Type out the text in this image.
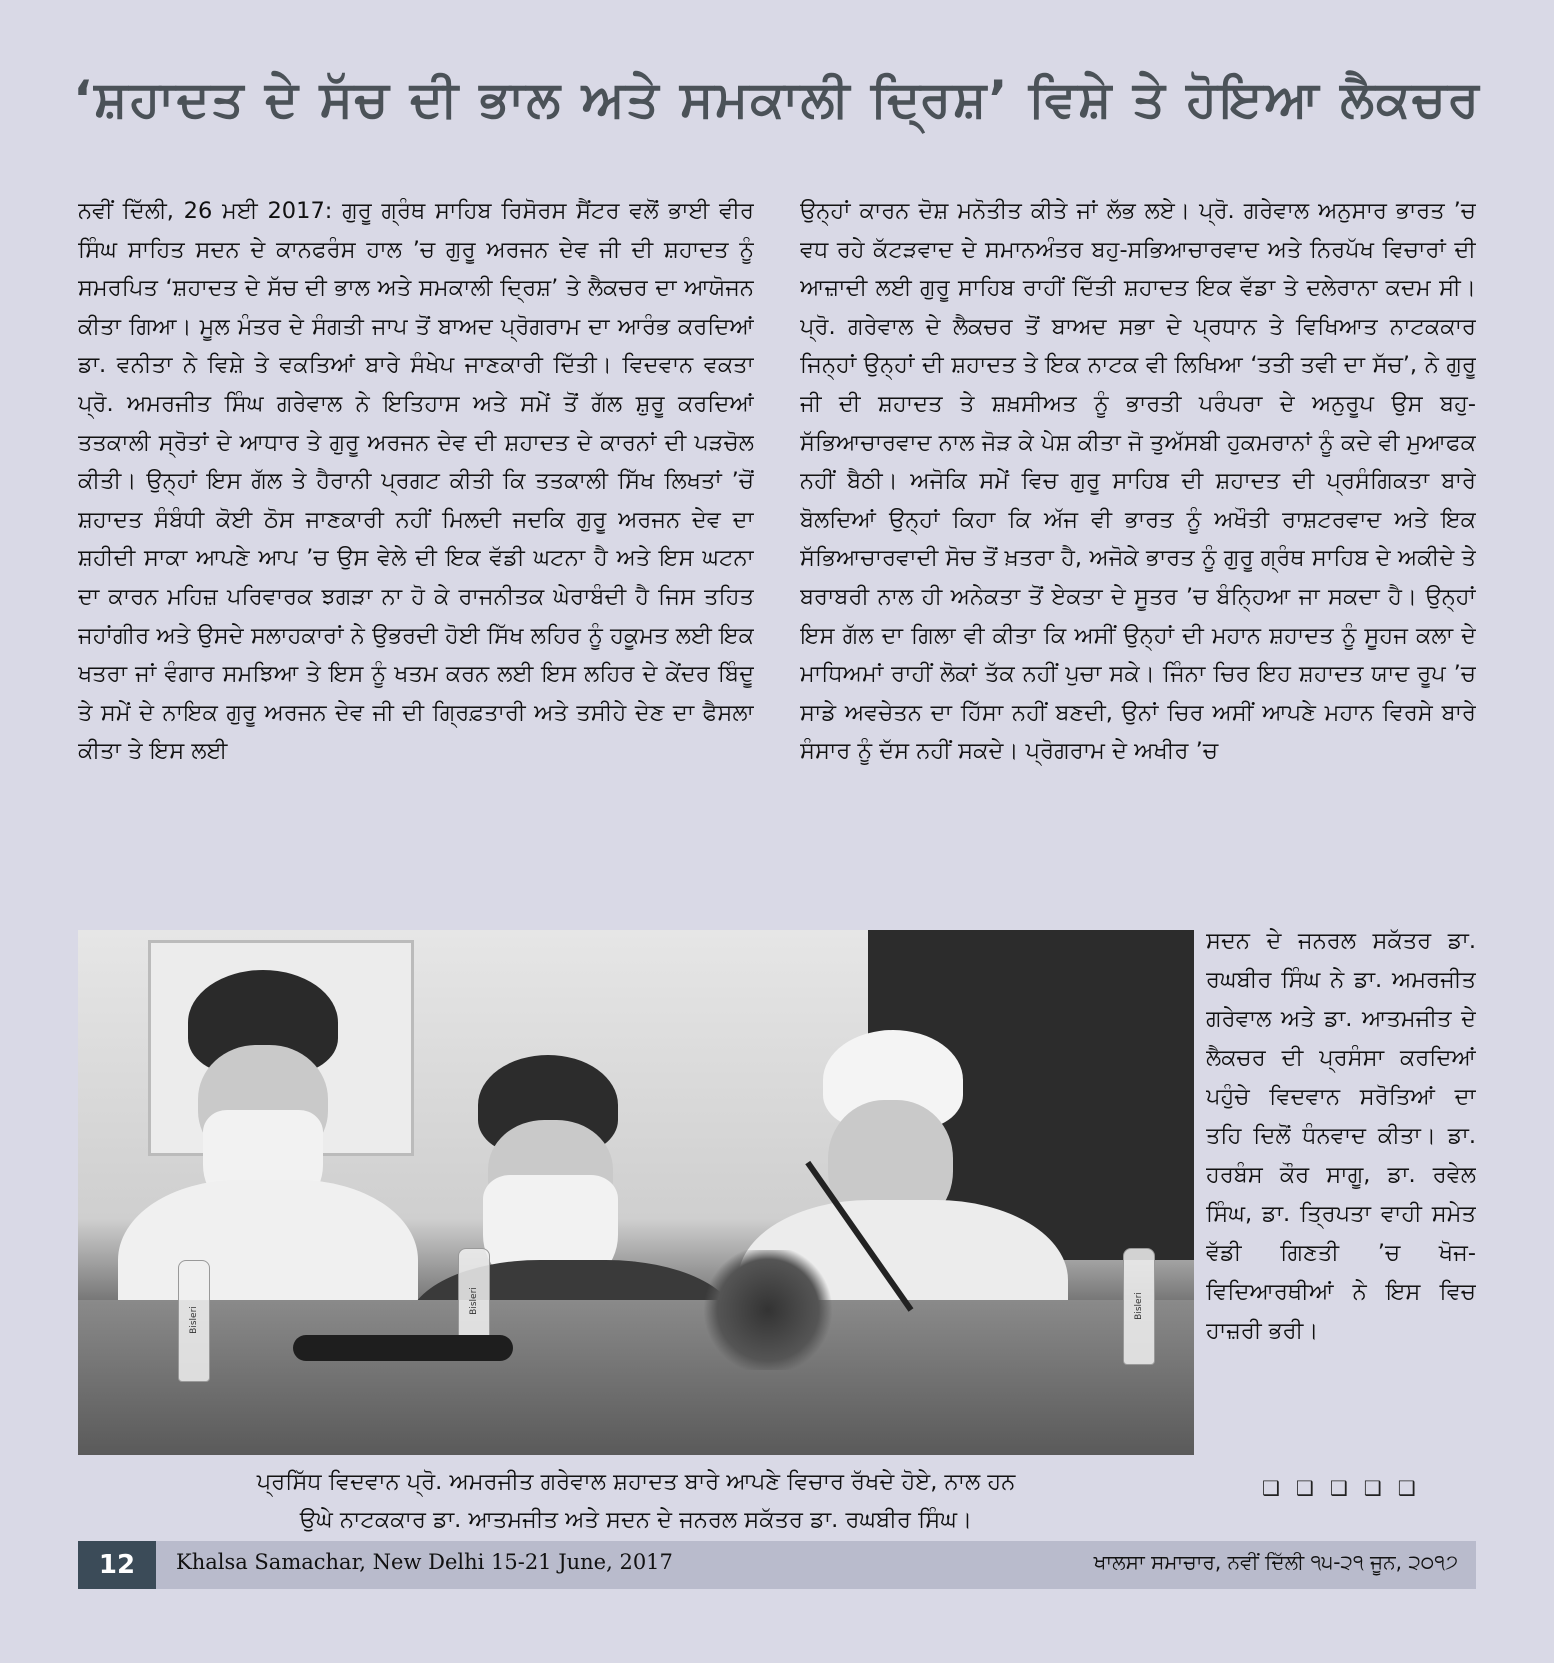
‘ਸ਼ਹਾਦਤ ਦੇ ਸੱਚ ਦੀ ਭਾਲ ਅਤੇ ਸਮਕਾਲੀ ਦ੍ਰਿਸ਼’ ਵਿਸ਼ੇ ਤੇ ਹੋਇਆ ਲੈਕਚਰ
ਨਵੀਂ ਦਿੱਲੀ, 26 ਮਈ 2017: ਗੁਰੂ ਗ੍ਰੰਥ ਸਾਹਿਬ ਰਿਸੋਰਸ ਸੈਂਟਰ ਵਲੋਂ ਭਾਈ ਵੀਰ ਸਿੰਘ ਸਾਹਿਤ ਸਦਨ ਦੇ ਕਾਨਫਰੰਸ ਹਾਲ ’ਚ ਗੁਰੂ ਅਰਜਨ ਦੇਵ ਜੀ ਦੀ ਸ਼ਹਾਦਤ ਨੂੰ ਸਮਰਪਿਤ ‘ਸ਼ਹਾਦਤ ਦੇ ਸੱਚ ਦੀ ਭਾਲ ਅਤੇ ਸਮਕਾਲੀ ਦ੍ਰਿਸ਼’ ਤੇ ਲੈਕਚਰ ਦਾ ਆਯੋਜਨ ਕੀਤਾ ਗਿਆ। ਮੂਲ ਮੰਤਰ ਦੇ ਸੰਗਤੀ ਜਾਪ ਤੋਂ ਬਾਅਦ ਪ੍ਰੋਗਰਾਮ ਦਾ ਆਰੰਭ ਕਰਦਿਆਂ ਡਾ. ਵਨੀਤਾ ਨੇ ਵਿਸ਼ੇ ਤੇ ਵਕਤਿਆਂ ਬਾਰੇ ਸੰਖੇਪ ਜਾਣਕਾਰੀ ਦਿੱਤੀ। ਵਿਦਵਾਨ ਵਕਤਾ ਪ੍ਰੋ. ਅਮਰਜੀਤ ਸਿੰਘ ਗਰੇਵਾਲ ਨੇ ਇਤਿਹਾਸ ਅਤੇ ਸਮੇਂ ਤੋਂ ਗੱਲ ਸ਼ੁਰੂ ਕਰਦਿਆਂ ਤਤਕਾਲੀ ਸ੍ਰੋਤਾਂ ਦੇ ਆਧਾਰ ਤੇ ਗੁਰੂ ਅਰਜਨ ਦੇਵ ਦੀ ਸ਼ਹਾਦਤ ਦੇ ਕਾਰਨਾਂ ਦੀ ਪੜਚੋਲ ਕੀਤੀ। ਉਨ੍ਹਾਂ ਇਸ ਗੱਲ ਤੇ ਹੈਰਾਨੀ ਪ੍ਰਗਟ ਕੀਤੀ ਕਿ ਤਤਕਾਲੀ ਸਿੱਖ ਲਿਖਤਾਂ ’ਚੋਂ ਸ਼ਹਾਦਤ ਸੰਬੰਧੀ ਕੋਈ ਠੋਸ ਜਾਣਕਾਰੀ ਨਹੀਂ ਮਿਲਦੀ ਜਦਕਿ ਗੁਰੂ ਅਰਜਨ ਦੇਵ ਦਾ ਸ਼ਹੀਦੀ ਸਾਕਾ ਆਪਣੇ ਆਪ ’ਚ ਉਸ ਵੇਲੇ ਦੀ ਇਕ ਵੱਡੀ ਘਟਨਾ ਹੈ ਅਤੇ ਇਸ ਘਟਨਾ ਦਾ ਕਾਰਨ ਮਹਿਜ਼ ਪਰਿਵਾਰਕ ਝਗੜਾ ਨਾ ਹੋ ਕੇ ਰਾਜਨੀਤਕ ਘੇਰਾਬੰਦੀ ਹੈ ਜਿਸ ਤਹਿਤ ਜਹਾਂਗੀਰ ਅਤੇ ਉਸਦੇ ਸਲਾਹਕਾਰਾਂ ਨੇ ਉਭਰਦੀ ਹੋਈ ਸਿੱਖ ਲਹਿਰ ਨੂੰ ਹਕੂਮਤ ਲਈ ਇਕ ਖਤਰਾ ਜਾਂ ਵੰਗਾਰ ਸਮਝਿਆ ਤੇ ਇਸ ਨੂੰ ਖਤਮ ਕਰਨ ਲਈ ਇਸ ਲਹਿਰ ਦੇ ਕੇਂਦਰ ਬਿੰਦੂ ਤੇ ਸਮੇਂ ਦੇ ਨਾਇਕ ਗੁਰੂ ਅਰਜਨ ਦੇਵ ਜੀ ਦੀ ਗ੍ਰਿਫ਼ਤਾਰੀ ਅਤੇ ਤਸੀਹੇ ਦੇਣ ਦਾ ਫੈਸਲਾ ਕੀਤਾ ਤੇ ਇਸ ਲਈ
ਉਨ੍ਹਾਂ ਕਾਰਨ ਦੋਸ਼ ਮਨੋਤੀਤ ਕੀਤੇ ਜਾਂ ਲੱਭ ਲਏ। ਪ੍ਰੋ. ਗਰੇਵਾਲ ਅਨੁਸਾਰ ਭਾਰਤ ’ਚ ਵਧ ਰਹੇ ਕੱਟੜਵਾਦ ਦੇ ਸਮਾਨਅੰਤਰ ਬਹੁ-ਸਭਿਆਚਾਰਵਾਦ ਅਤੇ ਨਿਰਪੱਖ ਵਿਚਾਰਾਂ ਦੀ ਆਜ਼ਾਦੀ ਲਈ ਗੁਰੂ ਸਾਹਿਬ ਰਾਹੀਂ ਦਿੱਤੀ ਸ਼ਹਾਦਤ ਇਕ ਵੱਡਾ ਤੇ ਦਲੇਰਾਨਾ ਕਦਮ ਸੀ। ਪ੍ਰੋ. ਗਰੇਵਾਲ ਦੇ ਲੈਕਚਰ ਤੋਂ ਬਾਅਦ ਸਭਾ ਦੇ ਪ੍ਰਧਾਨ ਤੇ ਵਿਖਿਆਤ ਨਾਟਕਕਾਰ ਜਿਨ੍ਹਾਂ ਉਨ੍ਹਾਂ ਦੀ ਸ਼ਹਾਦਤ ਤੇ ਇਕ ਨਾਟਕ ਵੀ ਲਿਖਿਆ ‘ਤਤੀ ਤਵੀ ਦਾ ਸੱਚ’, ਨੇ ਗੁਰੂ ਜੀ ਦੀ ਸ਼ਹਾਦਤ ਤੇ ਸ਼ਖ਼ਸੀਅਤ ਨੂੰ ਭਾਰਤੀ ਪਰੰਪਰਾ ਦੇ ਅਨੁਰੂਪ ਉਸ ਬਹੁ-ਸੱਭਿਆਚਾਰਵਾਦ ਨਾਲ ਜੋੜ ਕੇ ਪੇਸ਼ ਕੀਤਾ ਜੋ ਤੁਅੱਸਬੀ ਹੁਕਮਰਾਨਾਂ ਨੂੰ ਕਦੇ ਵੀ ਮੁਆਫਕ ਨਹੀਂ ਬੈਠੀ। ਅਜੋਕਿ ਸਮੇਂ ਵਿਚ ਗੁਰੂ ਸਾਹਿਬ ਦੀ ਸ਼ਹਾਦਤ ਦੀ ਪ੍ਰਸੰਗਿਕਤਾ ਬਾਰੇ ਬੋਲਦਿਆਂ ਉਨ੍ਹਾਂ ਕਿਹਾ ਕਿ ਅੱਜ ਵੀ ਭਾਰਤ ਨੂੰ ਅਖੌਤੀ ਰਾਸ਼ਟਰਵਾਦ ਅਤੇ ਇਕ ਸੱਭਿਆਚਾਰਵਾਦੀ ਸੋਚ ਤੋਂ ਖ਼ਤਰਾ ਹੈ, ਅਜੋਕੇ ਭਾਰਤ ਨੂੰ ਗੁਰੂ ਗ੍ਰੰਥ ਸਾਹਿਬ ਦੇ ਅਕੀਦੇ ਤੇ ਬਰਾਬਰੀ ਨਾਲ ਹੀ ਅਨੇਕਤਾ ਤੋਂ ਏਕਤਾ ਦੇ ਸੂਤਰ ’ਚ ਬੰਨ੍ਹਿਆ ਜਾ ਸਕਦਾ ਹੈ। ਉਨ੍ਹਾਂ ਇਸ ਗੱਲ ਦਾ ਗਿਲਾ ਵੀ ਕੀਤਾ ਕਿ ਅਸੀਂ ਉਨ੍ਹਾਂ ਦੀ ਮਹਾਨ ਸ਼ਹਾਦਤ ਨੂੰ ਸੂਹਜ ਕਲਾ ਦੇ ਮਾਧਿਅਮਾਂ ਰਾਹੀਂ ਲੋਕਾਂ ਤੱਕ ਨਹੀਂ ਪੁਚਾ ਸਕੇ। ਜਿੰਨਾ ਚਿਰ ਇਹ ਸ਼ਹਾਦਤ ਯਾਦ ਰੂਪ ’ਚ ਸਾਡੇ ਅਵਚੇਤਨ ਦਾ ਹਿੱਸਾ ਨਹੀਂ ਬਣਦੀ, ਉਨਾਂ ਚਿਰ ਅਸੀਂ ਆਪਣੇ ਮਹਾਨ ਵਿਰਸੇ ਬਾਰੇ ਸੰਸਾਰ ਨੂੰ ਦੱਸ ਨਹੀਂ ਸਕਦੇ। ਪ੍ਰੋਗਰਾਮ ਦੇ ਅਖੀਰ ’ਚ
Bisleri
Bisleri	Bisleri
ਸਦਨ ਦੇ ਜਨਰਲ ਸਕੱਤਰ ਡਾ. ਰਘਬੀਰ ਸਿੰਘ ਨੇ ਡਾ. ਅਮਰਜੀਤ ਗਰੇਵਾਲ ਅਤੇ ਡਾ. ਆਤਮਜੀਤ ਦੇ ਲੈਕਚਰ ਦੀ ਪ੍ਰਸੰਸਾ ਕਰਦਿਆਂ ਪਹੁੰਚੇ ਵਿਦਵਾਨ ਸਰੋਤਿਆਂ ਦਾ ਤਹਿ ਦਿਲੋਂ ਧੰਨਵਾਦ ਕੀਤਾ। ਡਾ. ਹਰਬੰਸ ਕੌਰ ਸਾਗੂ, ਡਾ. ਰਵੇਲ ਸਿੰਘ, ਡਾ. ਤ੍ਰਿਪਤਾ ਵਾਹੀ ਸਮੇਤ ਵੱਡੀ ਗਿਣਤੀ ’ਚ ਖੋਜ-ਵਿਦਿਆਰਥੀਆਂ ਨੇ ਇਸ ਵਿਚ ਹਾਜ਼ਰੀ ਭਰੀ।
ਪ੍ਰਸਿੱਧ ਵਿਦਵਾਨ ਪ੍ਰੋ. ਅਮਰਜੀਤ ਗਰੇਵਾਲ ਸ਼ਹਾਦਤ ਬਾਰੇ ਆਪਣੇ ਵਿਚਾਰ ਰੱਖਦੇ ਹੋਏ, ਨਾਲ ਹਨ
ਉਘੇ ਨਾਟਕਕਾਰ ਡਾ. ਆਤਮਜੀਤ ਅਤੇ ਸਦਨ ਦੇ ਜਨਰਲ ਸਕੱਤਰ ਡਾ. ਰਘਬੀਰ ਸਿੰਘ।
❑❑❑❑❑
12	Khalsa Samachar, New Delhi 15-21 June, 2017	ਖਾਲਸਾ ਸਮਾਚਾਰ, ਨਵੀਂ ਦਿੱਲੀ ੧੫-੨੧ ਜੂਨ, ੨੦੧੭
